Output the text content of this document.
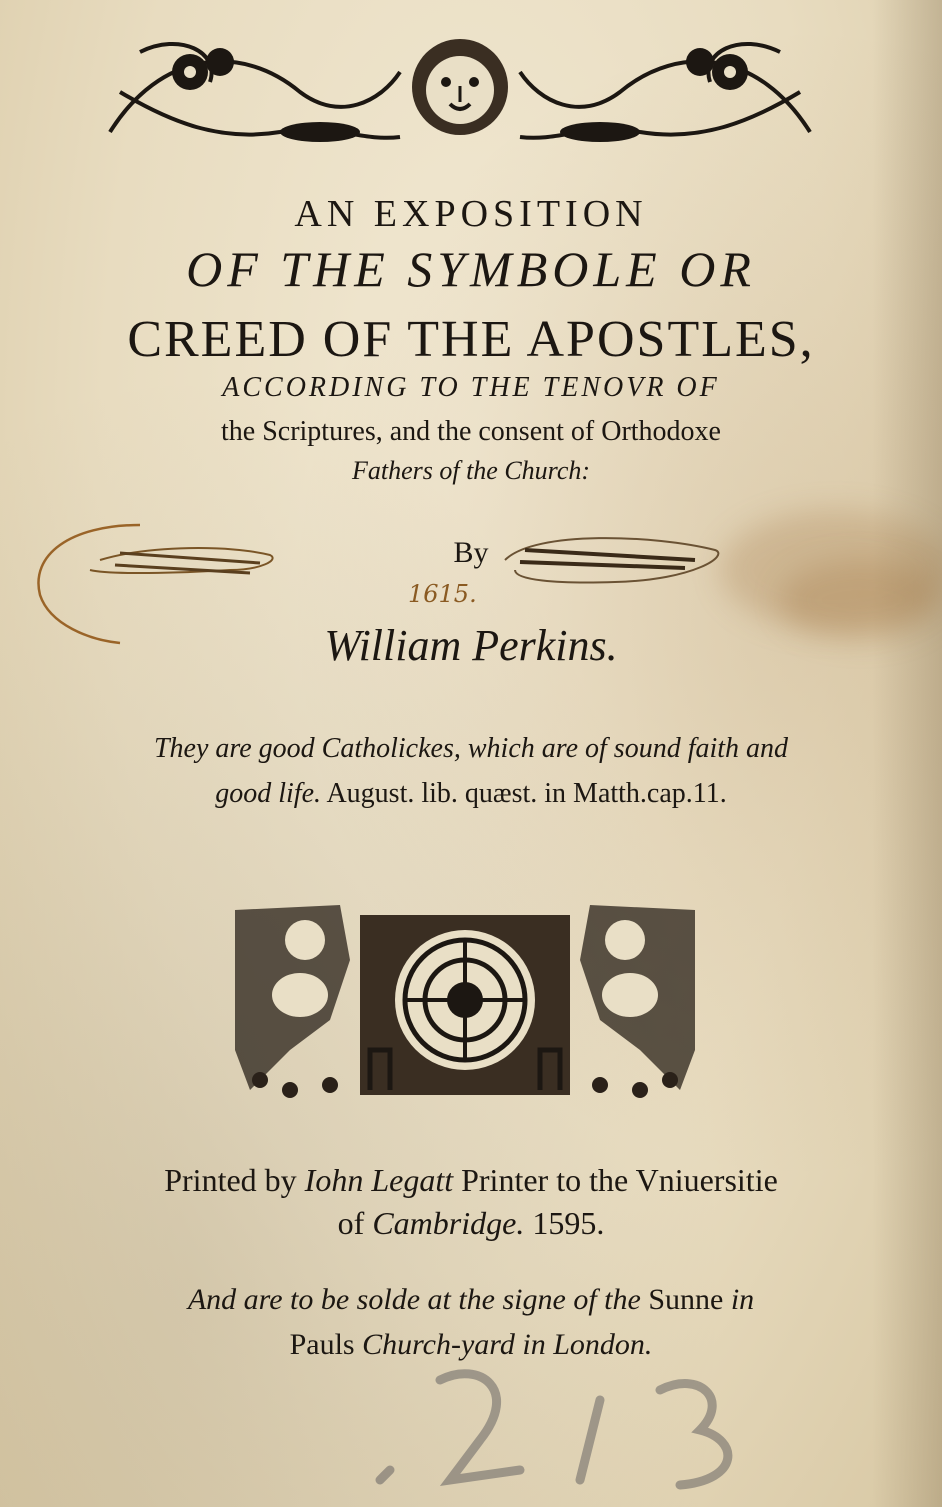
AN EXPOSITION
OF THE SYMBOLE OR
CREED OF THE APOSTLES,
ACCORDING TO THE TENOVR OF
the Scriptures, and the consent of Orthodoxe
Fathers of the Church:
By
1615.
William Perkins.
They are good Catholickes, which are of sound faith and
good life. August. lib. quæst. in Matth.cap.11.
Printed by Iohn Legatt Printer to the Vniuersitie
of Cambridge. 1595.
And are to be solde at the signe of the Sunne in
Pauls Church-yard in London.
